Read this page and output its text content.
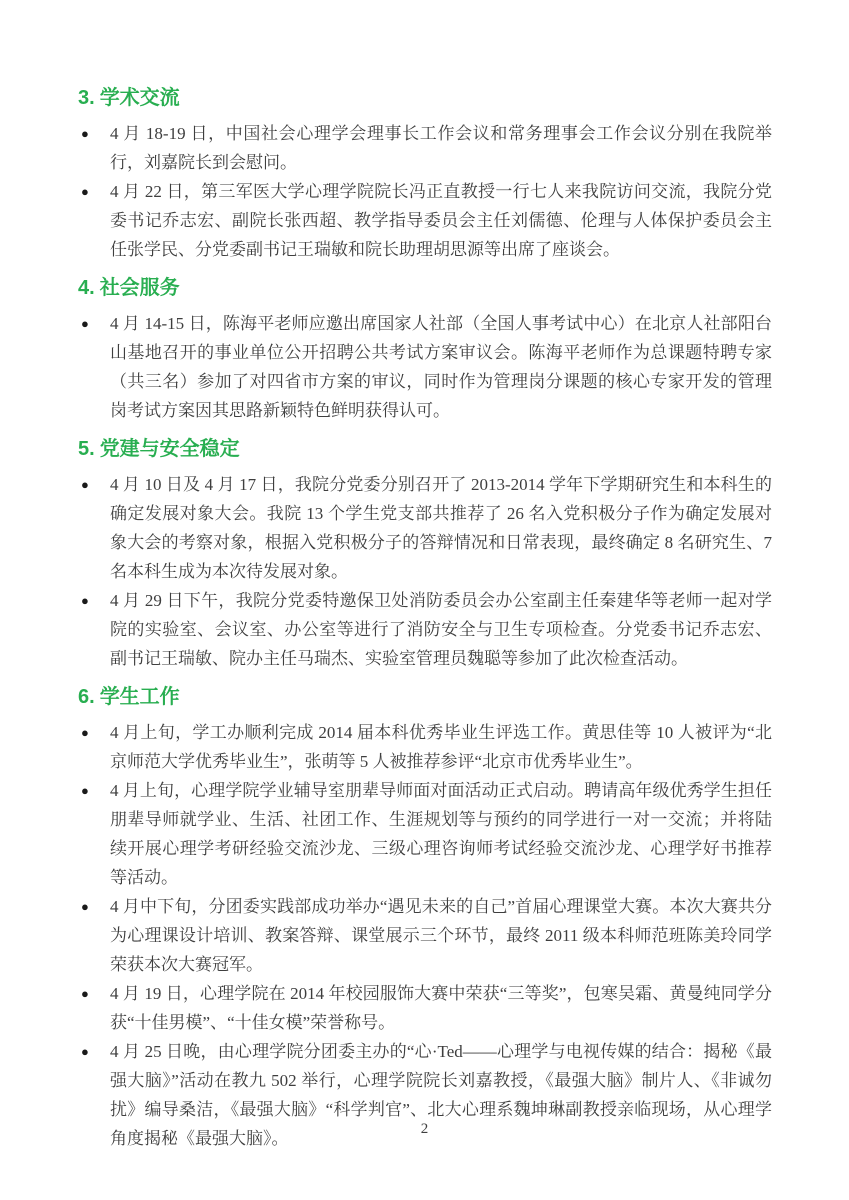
3. 学术交流
● 4 月 18-19 日，中国社会心理学会理事长工作会议和常务理事会工作会议分别在我院举行，刘嘉院长到会慰问。
● 4 月 22 日，第三军医大学心理学院院长冯正直教授一行七人来我院访问交流，我院分党委书记乔志宏、副院长张西超、教学指导委员会主任刘儒德、伦理与人体保护委员会主任张学民、分党委副书记王瑞敏和院长助理胡思源等出席了座谈会。
4. 社会服务
● 4 月 14-15 日，陈海平老师应邀出席国家人社部（全国人事考试中心）在北京人社部阳台山基地召开的事业单位公开招聘公共考试方案审议会。陈海平老师作为总课题特聘专家（共三名）参加了对四省市方案的审议，同时作为管理岗分课题的核心专家开发的管理岗考试方案因其思路新颖特色鲜明获得认可。
5. 党建与安全稳定
● 4 月 10 日及 4 月 17 日，我院分党委分别召开了 2013-2014 学年下学期研究生和本科生的确定发展对象大会。我院 13 个学生党支部共推荐了 26 名入党积极分子作为确定发展对象大会的考察对象，根据入党积极分子的答辩情况和日常表现，最终确定 8 名研究生、7 名本科生成为本次待发展对象。
● 4 月 29 日下午，我院分党委特邀保卫处消防委员会办公室副主任秦建华等老师一起对学院的实验室、会议室、办公室等进行了消防安全与卫生专项检查。分党委书记乔志宏、副书记王瑞敏、院办主任马瑞杰、实验室管理员魏聪等参加了此次检查活动。
6. 学生工作
● 4 月上旬，学工办顺利完成 2014 届本科优秀毕业生评选工作。黄思佳等 10 人被评为“北京师范大学优秀毕业生”，张萌等 5 人被推荐参评“北京市优秀毕业生”。
● 4 月上旬，心理学院学业辅导室朋辈导师面对面活动正式启动。聘请高年级优秀学生担任朋辈导师就学业、生活、社团工作、生涯规划等与预约的同学进行一对一交流；并将陆续开展心理学考研经验交流沙龙、三级心理咨询师考试经验交流沙龙、心理学好书推荐等活动。
● 4 月中下旬，分团委实践部成功举办“遇见未来的自己”首届心理课堂大赛。本次大赛共分为心理课设计培训、教案答辩、课堂展示三个环节，最终 2011 级本科师范班陈美玲同学荣获本次大赛冠军。
● 4 月 19 日，心理学院在 2014 年校园服饰大赛中荣获“三等奖”，包寒吴霜、黄曼纯同学分获“十佳男模”、“十佳女模”荣誉称号。
● 4 月 25 日晚，由心理学院分团委主办的“心·Ted——心理学与电视传媒的结合：揭秘《最强大脑》”活动在教九 502 举行，心理学院院长刘嘉教授，《最强大脑》制片人、《非诚勿扰》编导桑洁，《最强大脑》“科学判官”、北大心理系魏坤琳副教授亲临现场，从心理学角度揭秘《最强大脑》。	2
